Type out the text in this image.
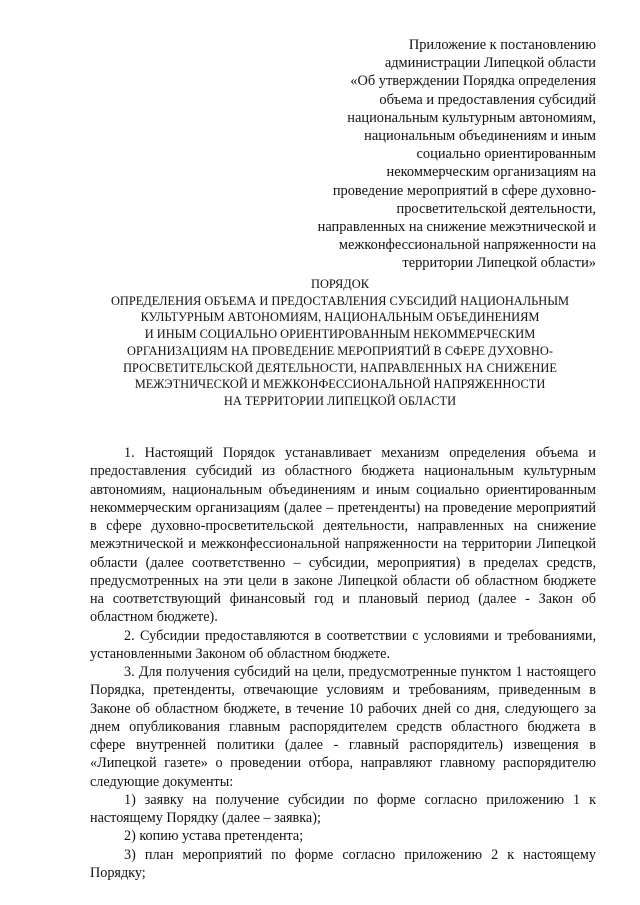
Приложение к постановлению
администрации Липецкой области
«Об утверждении Порядка определения
объема и предоставления субсидий
национальным культурным автономиям,
национальным объединениям и иным
социально ориентированным
некоммерческим организациям на
проведение мероприятий в сфере духовно-
просветительской деятельности,
направленных на снижение межэтнической и
межконфессиональной напряженности на
территории Липецкой области»
ПОРЯДОК
ОПРЕДЕЛЕНИЯ ОБЪЕМА И ПРЕДОСТАВЛЕНИЯ СУБСИДИЙ НАЦИОНАЛЬНЫМ
КУЛЬТУРНЫМ АВТОНОМИЯМ, НАЦИОНАЛЬНЫМ ОБЪЕДИНЕНИЯМ
И ИНЫМ СОЦИАЛЬНО ОРИЕНТИРОВАННЫМ НЕКОММЕРЧЕСКИМ
ОРГАНИЗАЦИЯМ НА ПРОВЕДЕНИЕ МЕРОПРИЯТИЙ В СФЕРЕ ДУХОВНО-
ПРОСВЕТИТЕЛЬСКОЙ ДЕЯТЕЛЬНОСТИ, НАПРАВЛЕННЫХ НА СНИЖЕНИЕ
МЕЖЭТНИЧЕСКОЙ И МЕЖКОНФЕССИОНАЛЬНОЙ НАПРЯЖЕННОСТИ
НА ТЕРРИТОРИИ ЛИПЕЦКОЙ ОБЛАСТИ

1. Настоящий Порядок устанавливает механизм определения объема и предоставления субсидий из областного бюджета национальным культурным автономиям, национальным объединениям и иным социально ориентированным некоммерческим организациям (далее – претенденты) на проведение мероприятий в сфере духовно-просветительской деятельности, направленных на снижение межэтнической и межконфессиональной напряженности на территории Липецкой области (далее соответственно – субсидии, мероприятия) в пределах средств, предусмотренных на эти цели в законе Липецкой области об областном бюджете на соответствующий финансовый год и плановый период (далее - Закон об областном бюджете).

2. Субсидии предоставляются в соответствии с условиями и требованиями, установленными Законом об областном бюджете.

3. Для получения субсидий на цели, предусмотренные пунктом 1 настоящего Порядка, претенденты, отвечающие условиям и требованиям, приведенным в Законе об областном бюджете, в течение 10 рабочих дней со дня, следующего за днем опубликования главным распорядителем средств областного бюджета в сфере внутренней политики (далее - главный распорядитель) извещения в «Липецкой газете» о проведении отбора, направляют главному распорядителю следующие документы:

1) заявку на получение субсидии по форме согласно приложению 1 к настоящему Порядку (далее – заявка);

2) копию устава претендента;

3) план мероприятий по форме согласно приложению 2 к настоящему Порядку;
